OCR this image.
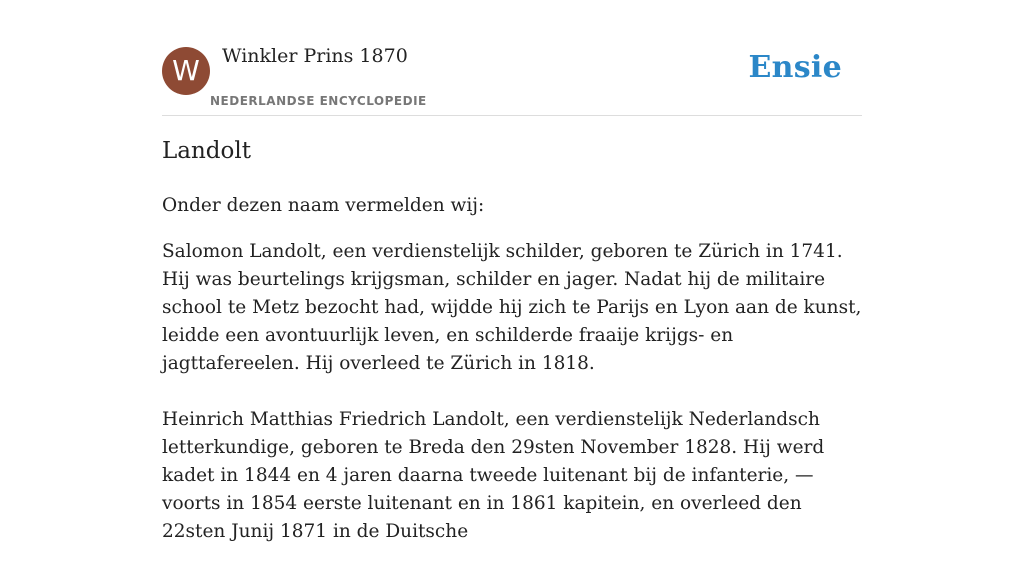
W	Winkler Prins 1870
NEDERLANDSE ENCYCLOPEDIE
Ensie
Landolt

Onder dezen naam vermelden wij:

Salomon Landolt, een verdienstelijk schilder, geboren te Zürich in 1741. Hij was beurtelings krijgsman, schilder en jager. Nadat hij de militaire school te Metz bezocht had, wijdde hij zich te Parijs en Lyon aan de kunst, leidde een avontuurlijk leven, en schilderde fraaije krijgs- en jagttafereelen. Hij overleed te Zürich in 1818.

Heinrich Matthias Friedrich Landolt, een verdienstelijk Nederlandsch letterkundige, geboren te Breda den 29sten November 1828. Hij werd kadet in 1844 en 4 jaren daarna tweede luitenant bij de infanterie, — voorts in 1854 eerste luitenant en in 1861 kapitein, en overleed den 22sten Junij 1871 in de Duitsche
